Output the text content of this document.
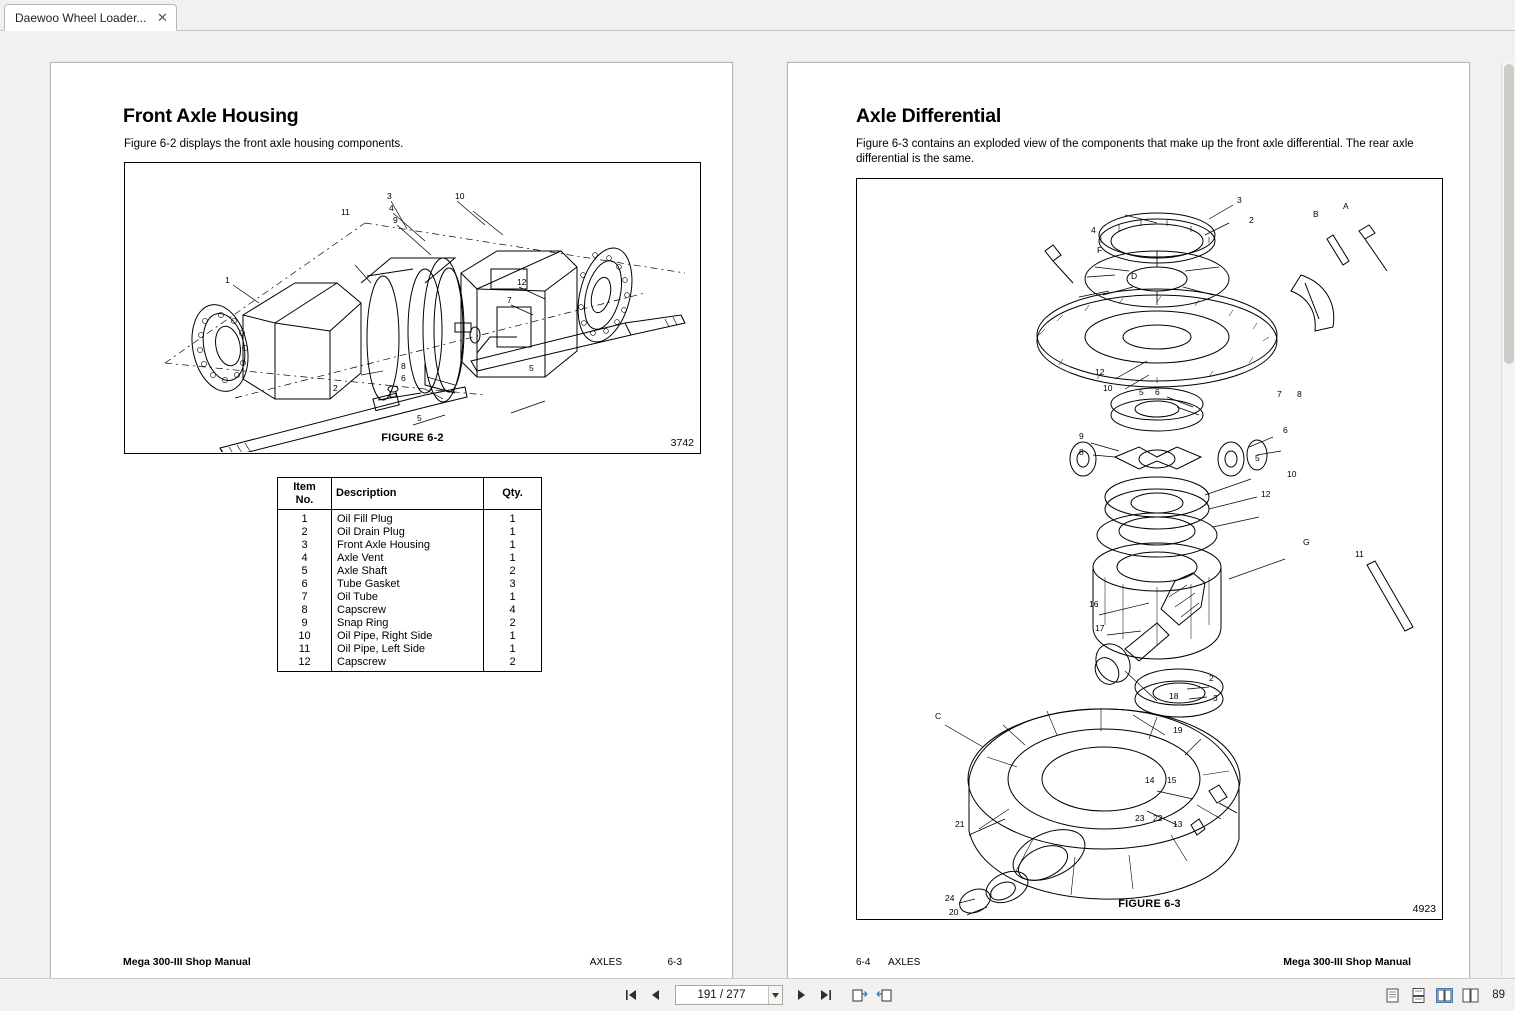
Daewoo Wheel Loader... ✕
Front Axle Housing
Figure 6-2 displays the front axle housing components.
1
2
3
4
9
11
10
12
7
8
6
5
5
FIGURE 6-2	3742
Item
No.	Description	Qty.
1	Oil Fill Plug	1
2	Oil Drain Plug	1
3	Front Axle Housing	1
4	Axle Vent	1
5	Axle Shaft	2
6	Tube Gasket	3
7	Oil Tube	1
8	Capscrew	4
9	Snap Ring	2
10	Oil Pipe, Right Side	1
11	Oil Pipe, Left Side	1
12	Capscrew	2
Mega 300-III Shop Manual	AXLES	6-3
Axle Differential
Figure 6-3 contains an exploded view of the components that make up the front axle differential. The rear axle differential is the same.
3
2
B
A
4
F
D
12
10	5 6	7 8
9
8
6
5
10
12
G
11
2
3
16
17
18
19
C
21
23 22
13
14 15
24
20
FIGURE 6-3	4923
6-4 AXLES	Mega 300-III Shop Manual
191 / 277
89
